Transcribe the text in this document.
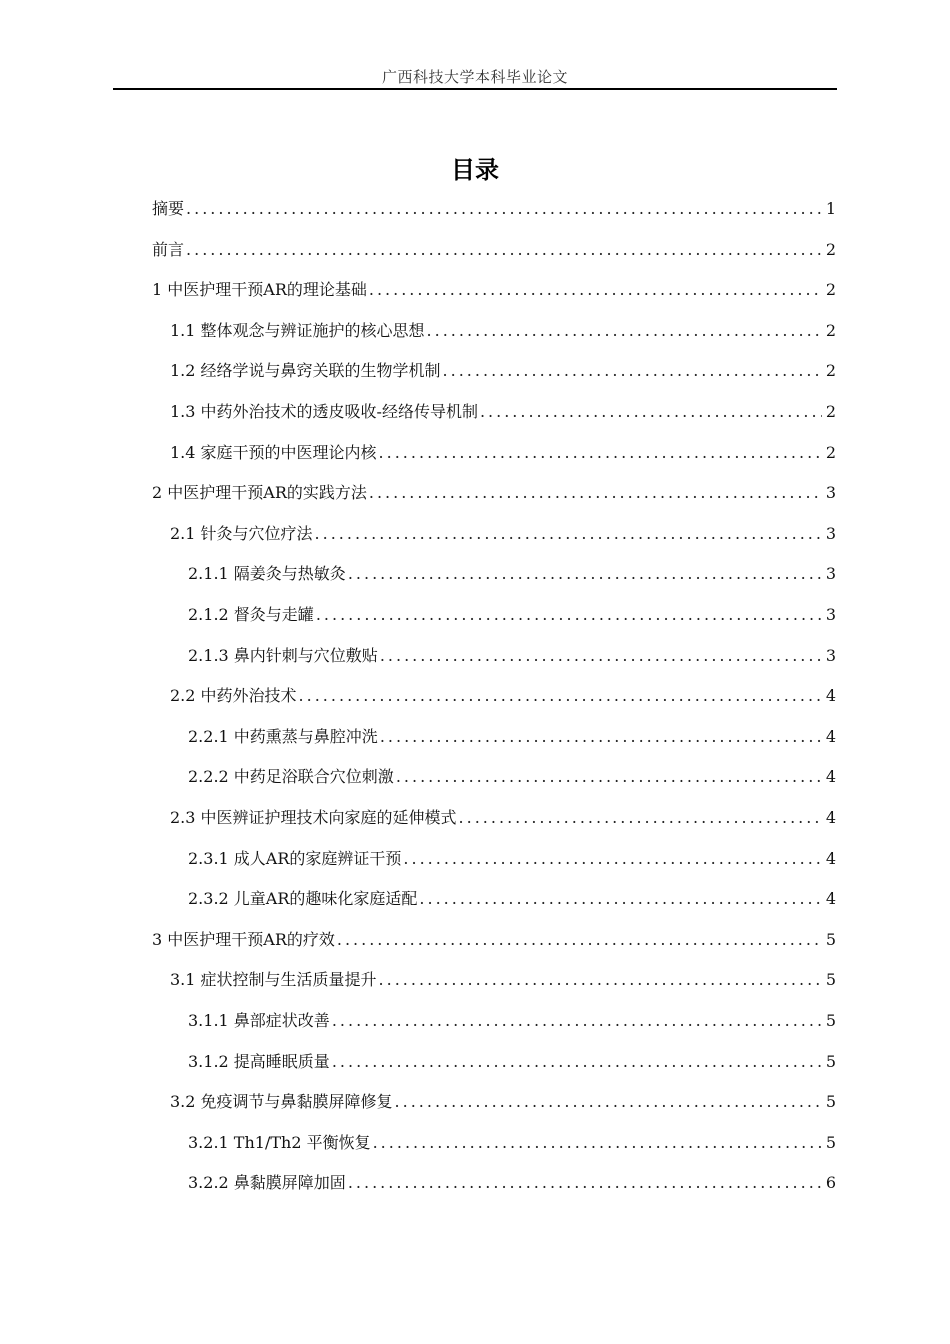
广西科技大学本科毕业论文
目录
摘要 .....	1
前言 .....	2
1 中医护理干预AR的理论基础 .....	2
1.1 整体观念与辨证施护的核心思想 .....	2
1.2 经络学说与鼻窍关联的生物学机制 .....	2
1.3 中药外治技术的透皮吸收-经络传导机制 .....	2
1.4 家庭干预的中医理论内核 .....	2
2 中医护理干预AR的实践方法 .....	3
2.1 针灸与穴位疗法 .....	3
2.1.1 隔姜灸与热敏灸 .....	3
2.1.2 督灸与走罐 .....	3
2.1.3 鼻内针刺与穴位敷贴 .....	3
2.2 中药外治技术 .....	4
2.2.1 中药熏蒸与鼻腔冲洗 .....	4
2.2.2 中药足浴联合穴位刺激 .....	4
2.3 中医辨证护理技术向家庭的延伸模式 .....	4
2.3.1 成人AR的家庭辨证干预 .....	4
2.3.2 儿童AR的趣味化家庭适配 .....	4
3 中医护理干预AR的疗效 .....	5
3.1 症状控制与生活质量提升 .....	5
3.1.1 鼻部症状改善 .....	5
3.1.2 提高睡眠质量 .....	5
3.2 免疫调节与鼻黏膜屏障修复 .....	5
3.2.1 Th1/Th2 平衡恢复 .....	5
3.2.2 鼻黏膜屏障加固 .....	6
